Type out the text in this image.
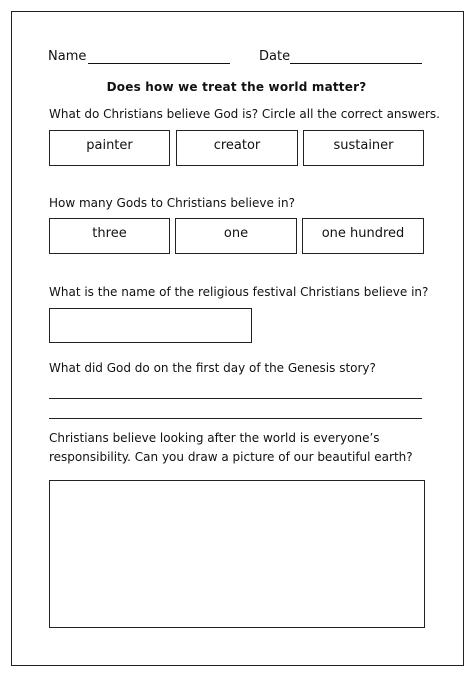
Name	Date
Does how we treat the world matter?
What do Christians believe God is? Circle all the correct answers.
painter	creator	sustainer
How many Gods to Christians believe in?
three	one	one hundred
What is the name of the religious festival Christians believe in?
What did God do on the first day of the Genesis story?
Christians believe looking after the world is everyone’s
responsibility. Can you draw a picture of our beautiful earth?
